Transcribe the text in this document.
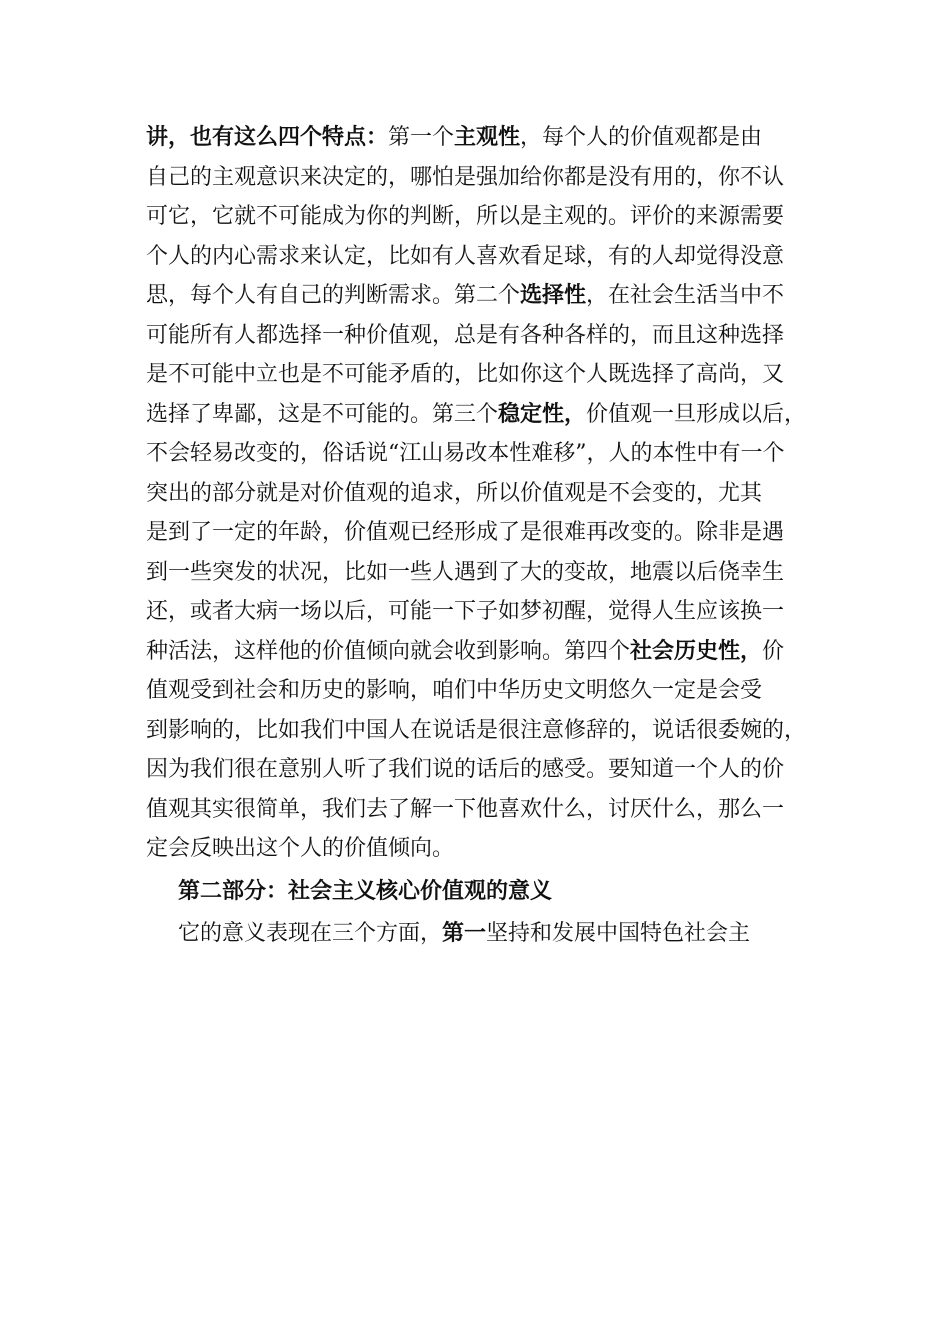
讲，也有这么四个特点：第一个主观性，每个人的价值观都是由
自己的主观意识来决定的，哪怕是强加给你都是没有用的，你不认
可它，它就不可能成为你的判断，所以是主观的。评价的来源需要
个人的内心需求来认定，比如有人喜欢看足球，有的人却觉得没意
思，每个人有自己的判断需求。第二个选择性，在社会生活当中不
可能所有人都选择一种价值观，总是有各种各样的，而且这种选择
是不可能中立也是不可能矛盾的，比如你这个人既选择了高尚，又
选择了卑鄙，这是不可能的。第三个稳定性，价值观一旦形成以后，
不会轻易改变的，俗话说“江山易改本性难移”，人的本性中有一个
突出的部分就是对价值观的追求，所以价值观是不会变的，尤其
是到了一定的年龄，价值观已经形成了是很难再改变的。除非是遇
到一些突发的状况，比如一些人遇到了大的变故，地震以后侥幸生
还，或者大病一场以后，可能一下子如梦初醒，觉得人生应该换一
种活法，这样他的价值倾向就会收到影响。第四个社会历史性，价
值观受到社会和历史的影响，咱们中华历史文明悠久一定是会受
到影响的，比如我们中国人在说话是很注意修辞的，说话很委婉的，
因为我们很在意别人听了我们说的话后的感受。要知道一个人的价
值观其实很简单，我们去了解一下他喜欢什么，讨厌什么，那么一
定会反映出这个人的价值倾向。
第二部分：社会主义核心价值观的意义
它的意义表现在三个方面，第一坚持和发展中国特色社会主
